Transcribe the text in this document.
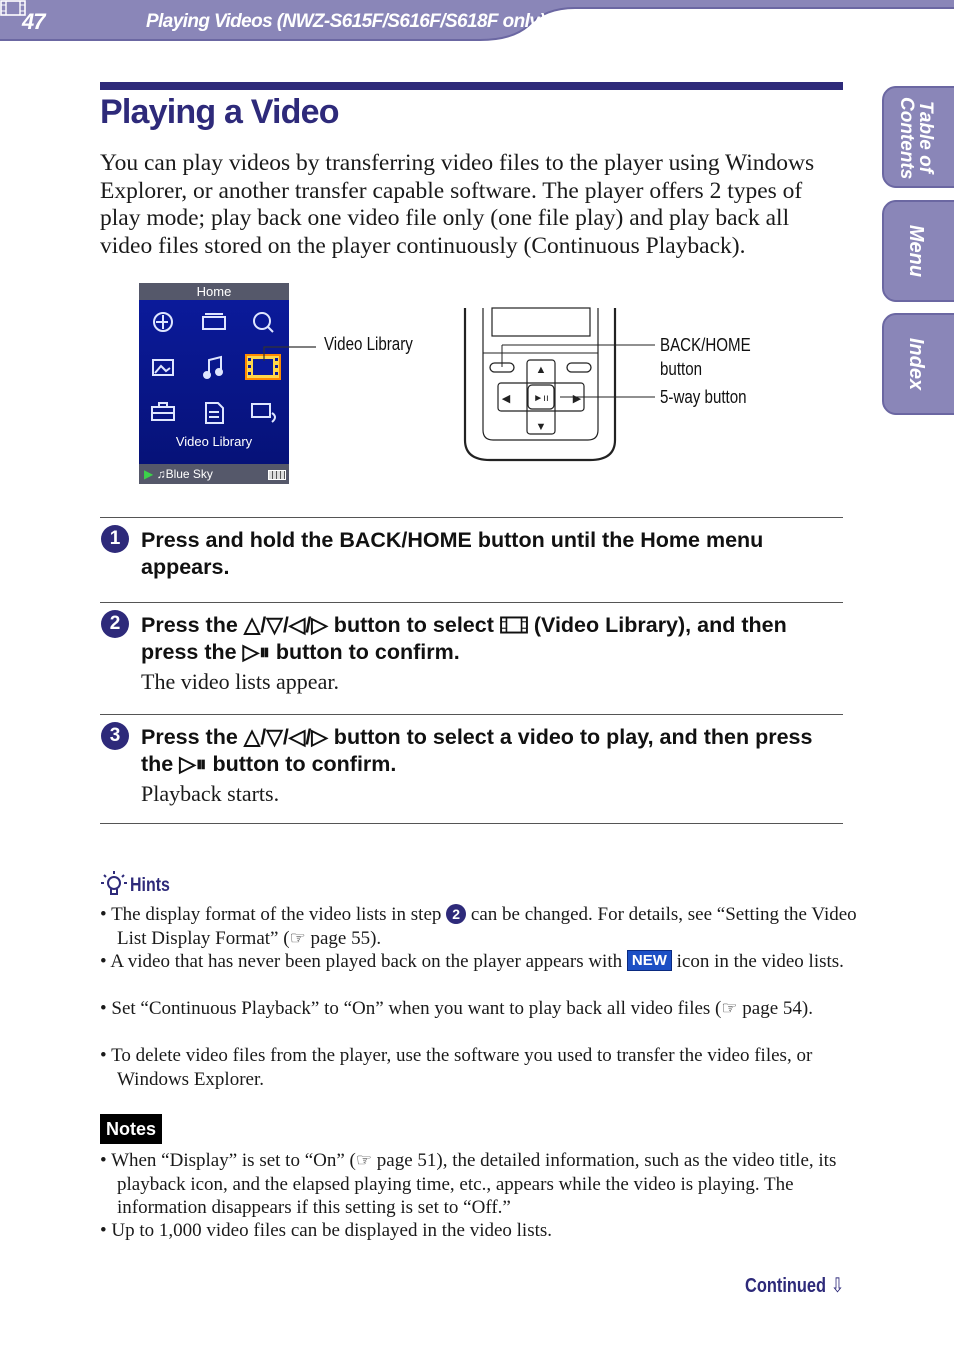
47	Playing Videos (NWZ-S615F/S616F/S618F only)
Table of Contents
Menu
Index
Playing a Video

You can play videos by transferring video files to the player using Windows Explorer, or another transfer capable software. The player offers 2 types of play mode; play back one video file only (one file play) and play back all video files stored on the player continuously (Continuous Playback).

Home
Video Library
▶ ♫Blue Sky
Video Library
▲
▼
◀	▶
►ıı
BACK/HOME
button
5-way button
1 Press and hold the BACK/HOME button until the Home menu appears.

2 Press the △/▽/◁/▷ button to select (Video Library), and then press the ▷⏸ button to confirm.

The video lists appear.

3 Press the △/▽/◁/▷ button to select a video to play, and then press the ▷⏸ button to confirm.

Playback starts.

Hints

• The display format of the video lists in step 2 can be changed. For details, see “Setting the Video List Display Format” (☞ page 55).

• A video that has never been played back on the player appears with NEW icon in the video lists.

• Set “Continuous Playback” to “On” when you want to play back all video files (☞ page 54).

• To delete video files from the player, use the software you used to transfer the video files, or Windows Explorer.

Notes

• When “Display” is set to “On” (☞ page 51), the detailed information, such as the video title, its playback icon, and the elapsed playing time, etc., appears while the video is playing. The information disappears if this setting is set to “Off.”

• Up to 1,000 video files can be displayed in the video lists.

Continued ⇩
